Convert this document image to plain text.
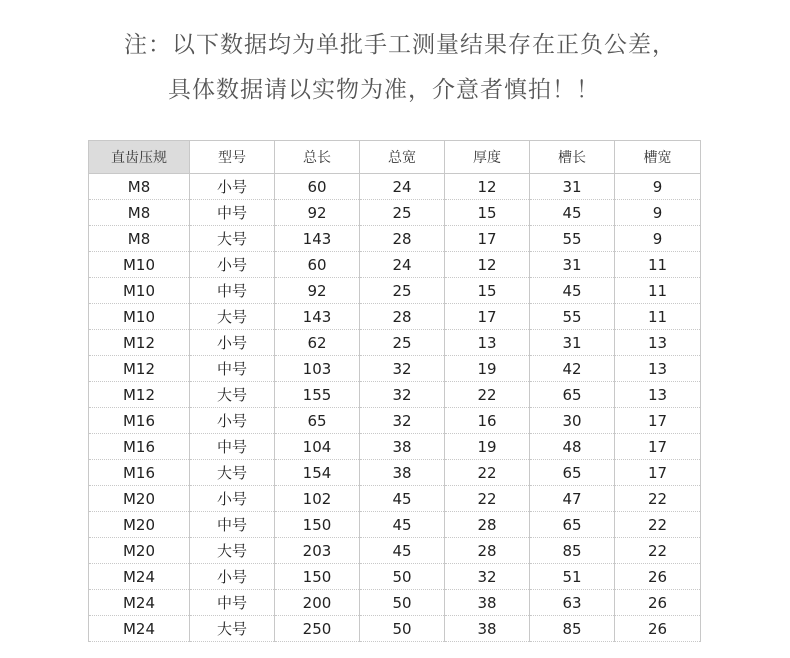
注：以下数据均为单批手工测量结果存在正负公差，
具体数据请以实物为准，介意者慎拍！！
直齿压规	型号	总长	总宽	厚度	槽长	槽宽
M8	小号	60	24	12	31	9
M8	中号	92	25	15	45	9
M8	大号	143	28	17	55	9
M10	小号	60	24	12	31	11
M10	中号	92	25	15	45	11
M10	大号	143	28	17	55	11
M12	小号	62	25	13	31	13
M12	中号	103	32	19	42	13
M12	大号	155	32	22	65	13
M16	小号	65	32	16	30	17
M16	中号	104	38	19	48	17
M16	大号	154	38	22	65	17
M20	小号	102	45	22	47	22
M20	中号	150	45	28	65	22
M20	大号	203	45	28	85	22
M24	小号	150	50	32	51	26
M24	中号	200	50	38	63	26
M24	大号	250	50	38	85	26
